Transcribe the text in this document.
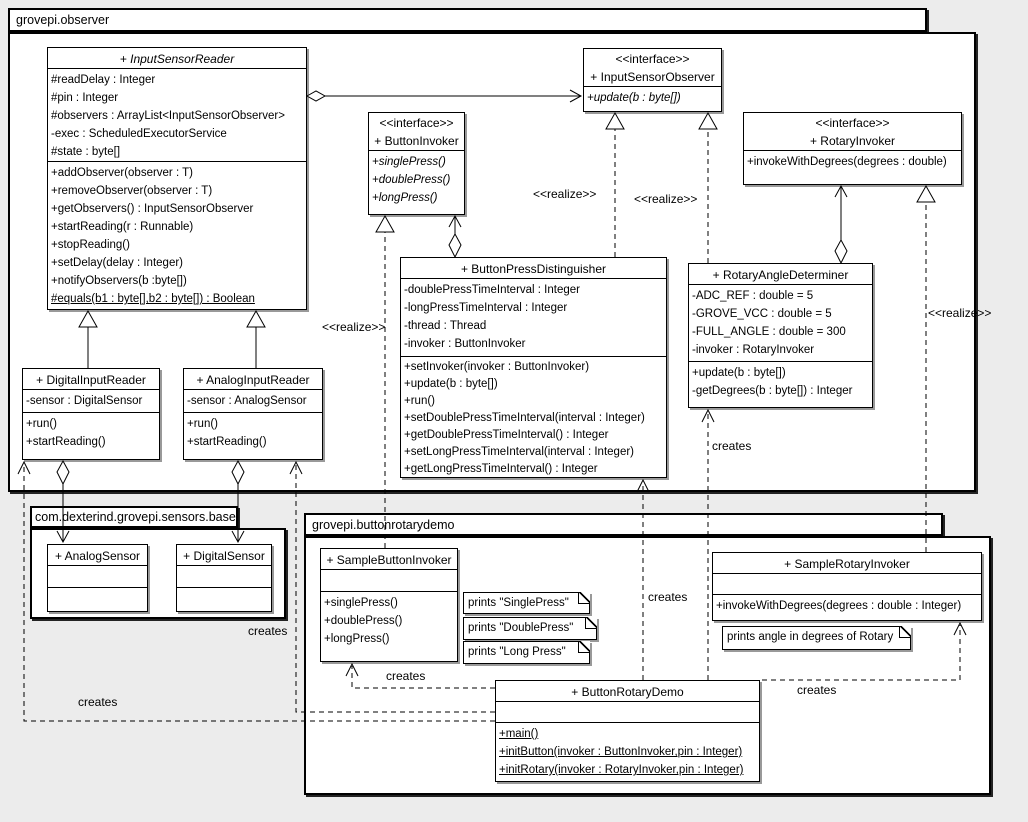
grovepi.observer
com.dexterind.grovepi.sensors.base
grovepi.buttonrotarydemo
+ InputSensorReader
#readDelay : Integer
#pin : Integer
#observers : ArrayList<InputSensorObserver>
-exec : ScheduledExecutorService
#state : byte[]
+addObserver(observer : T)
+removeObserver(observer : T)
+getObservers() : InputSensorObserver
+startReading(r : Runnable)
+stopReading()
+setDelay(delay : Integer)
+notifyObservers(b :byte[])
#equals(b1 : byte[],b2 : byte[]) : Boolean
<<interface>>
+ InputSensorObserver
+update(b : byte[])
<<interface>>
+ ButtonInvoker
+singlePress()
+doublePress()
+longPress()
<<interface>>
+ RotaryInvoker
+invokeWithDegrees(degrees : double)
+ ButtonPressDistinguisher
-doublePressTimeInterval : Integer
-longPressTimeInterval : Integer
-thread : Thread
-invoker : ButtonInvoker
+setInvoker(invoker : ButtonInvoker)
+update(b : byte[])
+run()
+setDoublePressTimeInterval(interval : Integer)
+getDoublePressTimeInterval() : Integer
+setLongPressTimeInterval(interval : Integer)
+getLongPressTimeInterval() : Integer
+ RotaryAngleDeterminer
-ADC_REF : double = 5
-GROVE_VCC : double = 5
-FULL_ANGLE : double = 300
-invoker : RotaryInvoker
+update(b : byte[])
-getDegrees(b : byte[]) : Integer
+ DigitalInputReader
-sensor : DigitalSensor
+run()
+startReading()
+ AnalogInputReader
-sensor : AnalogSensor
+run()
+startReading()
+ AnalogSensor	+ DigitalSensor	+ SampleButtonInvoker
+singlePress()
+doublePress()
+longPress()
+ SampleRotaryInvoker
+invokeWithDegrees(degrees : double : Integer)
+ ButtonRotaryDemo
+main()
+initButton(invoker : ButtonInvoker,pin : Integer)
+initRotary(invoker : RotaryInvoker,pin : Integer)
prints "SinglePress"
prints "DoublePress"
prints "Long Press"
prints angle in degrees of Rotary
<<realize>>	<<realize>>
<<realize>>
<<realize>>
creates
creates
creates
creates
creates
creates
